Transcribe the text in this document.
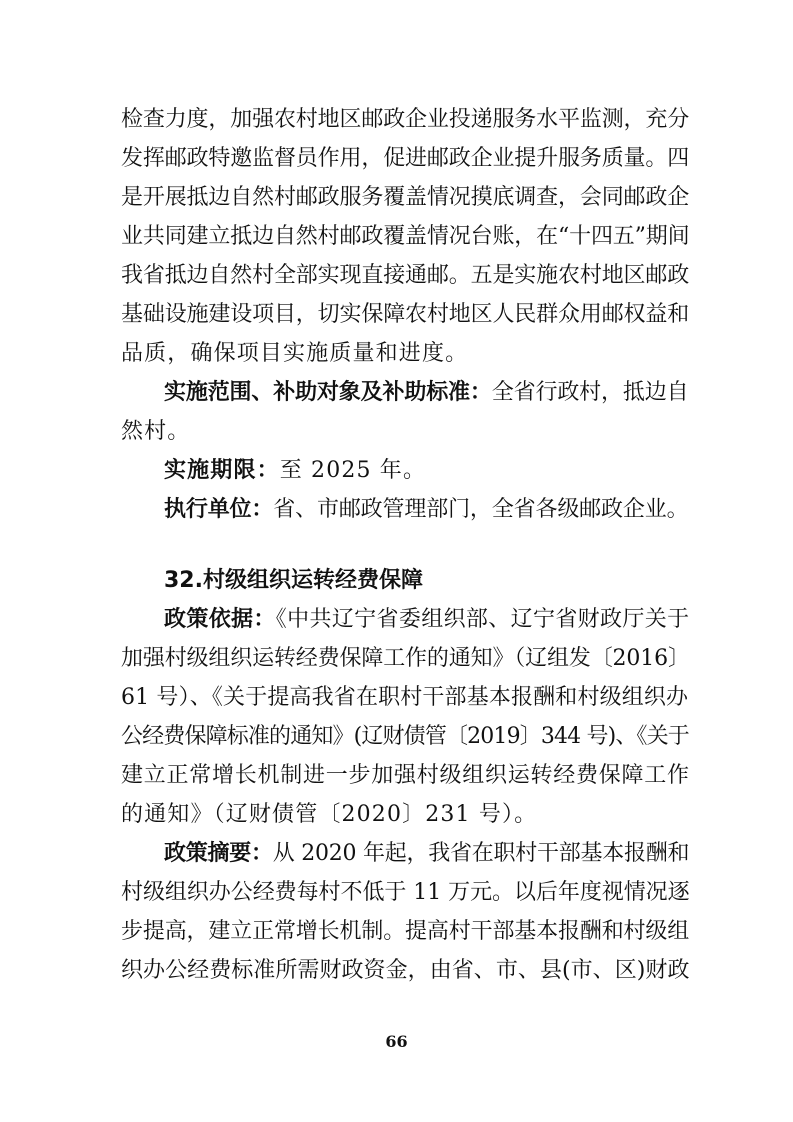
检查力度，加强农村地区邮政企业投递服务水平监测，充分
发挥邮政特邀监督员作用，促进邮政企业提升服务质量。四
是开展抵边自然村邮政服务覆盖情况摸底调查，会同邮政企
业共同建立抵边自然村邮政覆盖情况台账，在“十四五”期间
我省抵边自然村全部实现直接通邮。五是实施农村地区邮政
基础设施建设项目，切实保障农村地区人民群众用邮权益和
品质，确保项目实施质量和进度。
实施范围、补助对象及补助标准：全省行政村，抵边自
然村。
实施期限：至 2025 年。
执行单位：省、市邮政管理部门，全省各级邮政企业。
32.村级组织运转经费保障
政策依据：《中共辽宁省委组织部、辽宁省财政厅关于
加强村级组织运转经费保障工作的通知》（辽组发〔2016〕
61 号）、《关于提高我省在职村干部基本报酬和村级组织办
公经费保障标准的通知》(辽财债管〔2019〕344 号)、《关于
建立正常增长机制进一步加强村级组织运转经费保障工作
的通知》（辽财债管〔2020〕231 号）。
政策摘要：从 2020 年起，我省在职村干部基本报酬和
村级组织办公经费每村不低于 11 万元。以后年度视情况逐
步提高，建立正常增长机制。提高村干部基本报酬和村级组
织办公经费标准所需财政资金，由省、市、县(市、区)财政
66
